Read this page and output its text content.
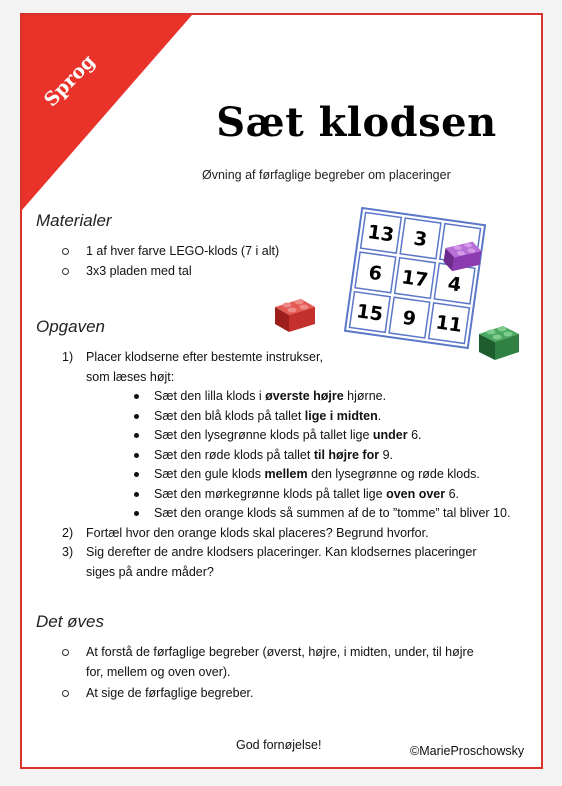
Sprog
Sæt klodsen
Øvning af førfaglige begreber om placeringer
Materialer
1 af hver farve LEGO-klods (7 i alt)
3x3 pladen med tal
13 3
6 17 4
15 9 11
Opgaven
1) Placer klodserne efter bestemte instrukser,
som læses højt:
Sæt den lilla klods i øverste højre hjørne.
Sæt den blå klods på tallet lige i midten.
Sæt den lysegrønne klods på tallet lige under 6.
Sæt den røde klods på tallet til højre for 9.
Sæt den gule klods mellem den lysegrønne og røde klods.
Sæt den mørkegrønne klods på tallet lige oven over 6.
Sæt den orange klods så summen af de to ”tomme” tal bliver 10.
2) Fortæl hvor den orange klods skal placeres? Begrund hvorfor.
3) Sig derefter de andre klodsers placeringer. Kan klodsernes placeringer
siges på andre måder?
Det øves
At forstå de førfaglige begreber (øverst, højre, i midten, under, til højre
for, mellem og oven over).
At sige de førfaglige begreber.
God fornøjelse!	©MarieProschowsky
